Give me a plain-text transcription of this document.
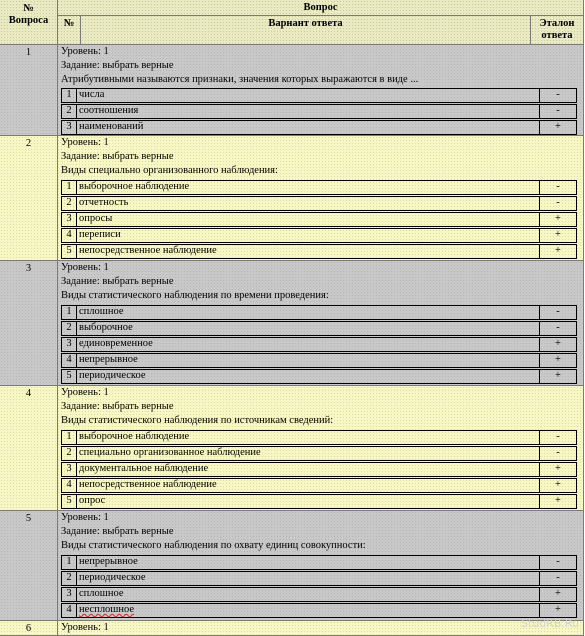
№
Вопроса
Вопрос
№	Варнант ответа	Эталон
ответа
1	Уровень: 1
Задание: выбрать верные
Атрибутивными называются признаки, значения которых выражаются в виде ...
1 числа	-
2 соотношения	-
3 наименований	+
2	Уровень: 1
Задание: выбрать верные
Виды специально организованного наблюдения:
1 выборочное наблюдение	-
2 отчетность	-
3 опросы	+
4 переписи	+
5 непосредственное наблюдение	+
3	Уровень: 1
Задание: выбрать верные
Виды статистического наблюдения по времени проведения:
1 сплошное	-
2 выборочное	-
3 единовременное	+
4 непрерывное	+
5 периодическое	+
4	Уровень: 1
Задание: выбрать верные
Виды статистического наблюдения по источникам сведений:
1 выборочное наблюдение	-
2 специально организованное наблюдение	-
3 документальное наблюдение	+
4 непосредственное наблюдение	+
5 опрос	+
5	Уровень: 1
Задание: выбрать верные
Виды статистического наблюдения по охвату единиц совокупности:
1 непрерывное	-
2 периодическое	-
3 сплошное	+
4 несплошное	+
6	Уровень: 1	StudRB.Ru
